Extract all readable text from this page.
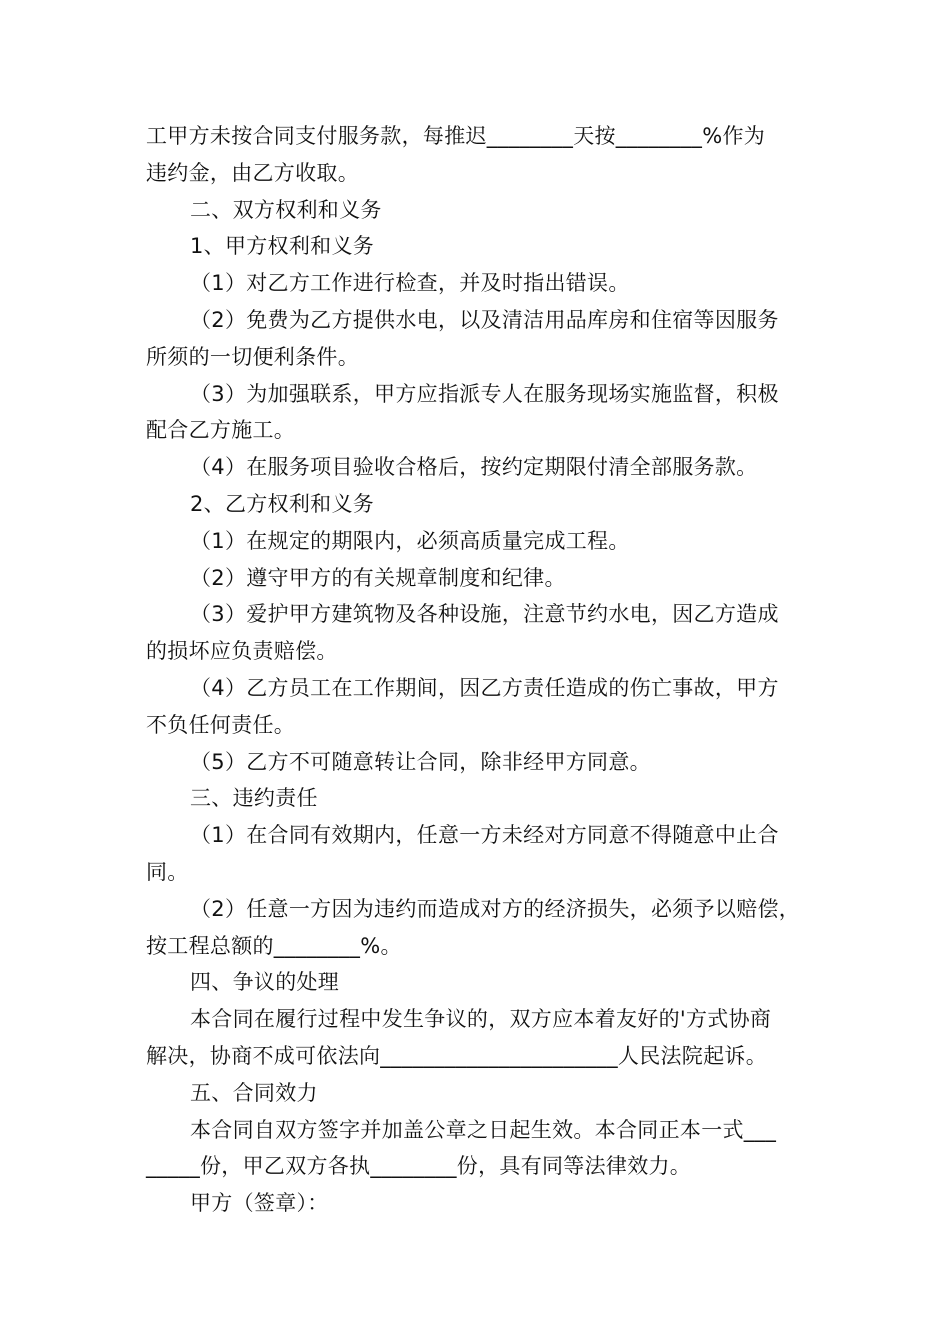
工甲方未按合同支付服务款，每推迟________天按________%作为
违约金，由乙方收取。
二、双方权利和义务
1、甲方权利和义务
（1）对乙方工作进行检查，并及时指出错误。
（2）免费为乙方提供水电，以及清洁用品库房和住宿等因服务
所须的一切便利条件。
（3）为加强联系，甲方应指派专人在服务现场实施监督，积极
配合乙方施工。
（4）在服务项目验收合格后，按约定期限付清全部服务款。
2、乙方权利和义务
（1）在规定的期限内，必须高质量完成工程。
（2）遵守甲方的有关规章制度和纪律。
（3）爱护甲方建筑物及各种设施，注意节约水电，因乙方造成
的损坏应负责赔偿。
（4）乙方员工在工作期间，因乙方责任造成的伤亡事故，甲方
不负任何责任。
（5）乙方不可随意转让合同，除非经甲方同意。
三、违约责任
（1）在合同有效期内，任意一方未经对方同意不得随意中止合
同。
（2）任意一方因为违约而造成对方的经济损失，必须予以赔偿，
按工程总额的________%。
四、争议的处理
本合同在履行过程中发生争议的，双方应本着友好的'方式协商
解决，协商不成可依法向______________________人民法院起诉。
五、合同效力
本合同自双方签字并加盖公章之日起生效。本合同正本一式___
_____份，甲乙双方各执________份，具有同等法律效力。
甲方（签章）：
